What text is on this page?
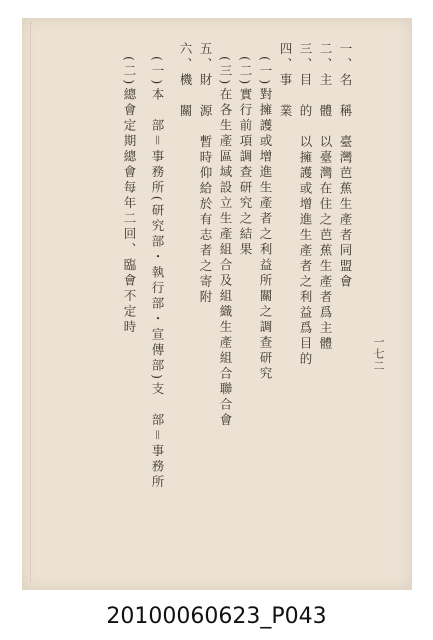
一、名　稱　臺灣芭蕉生產者同盟會
二、主　體　以臺灣在住之芭蕉生產者爲主體
三、目　的　以擁護或增進生產者之利益爲目的
四、事　業
(一)對擁護或增進生產者之利益所關之調查研究
(二)實行前項調查研究之結果
(三)在各生產區域設立生產組合及組織生產組合聯合會
五、財　源　暫時仰給於有志者之寄附
六、機　關
(一)本　部＝事務所(研究部・執行部・宣傳部)支　部＝事務所
(二)總會定期總會每年二回、臨會不定時
一七二
20100060623_P043
